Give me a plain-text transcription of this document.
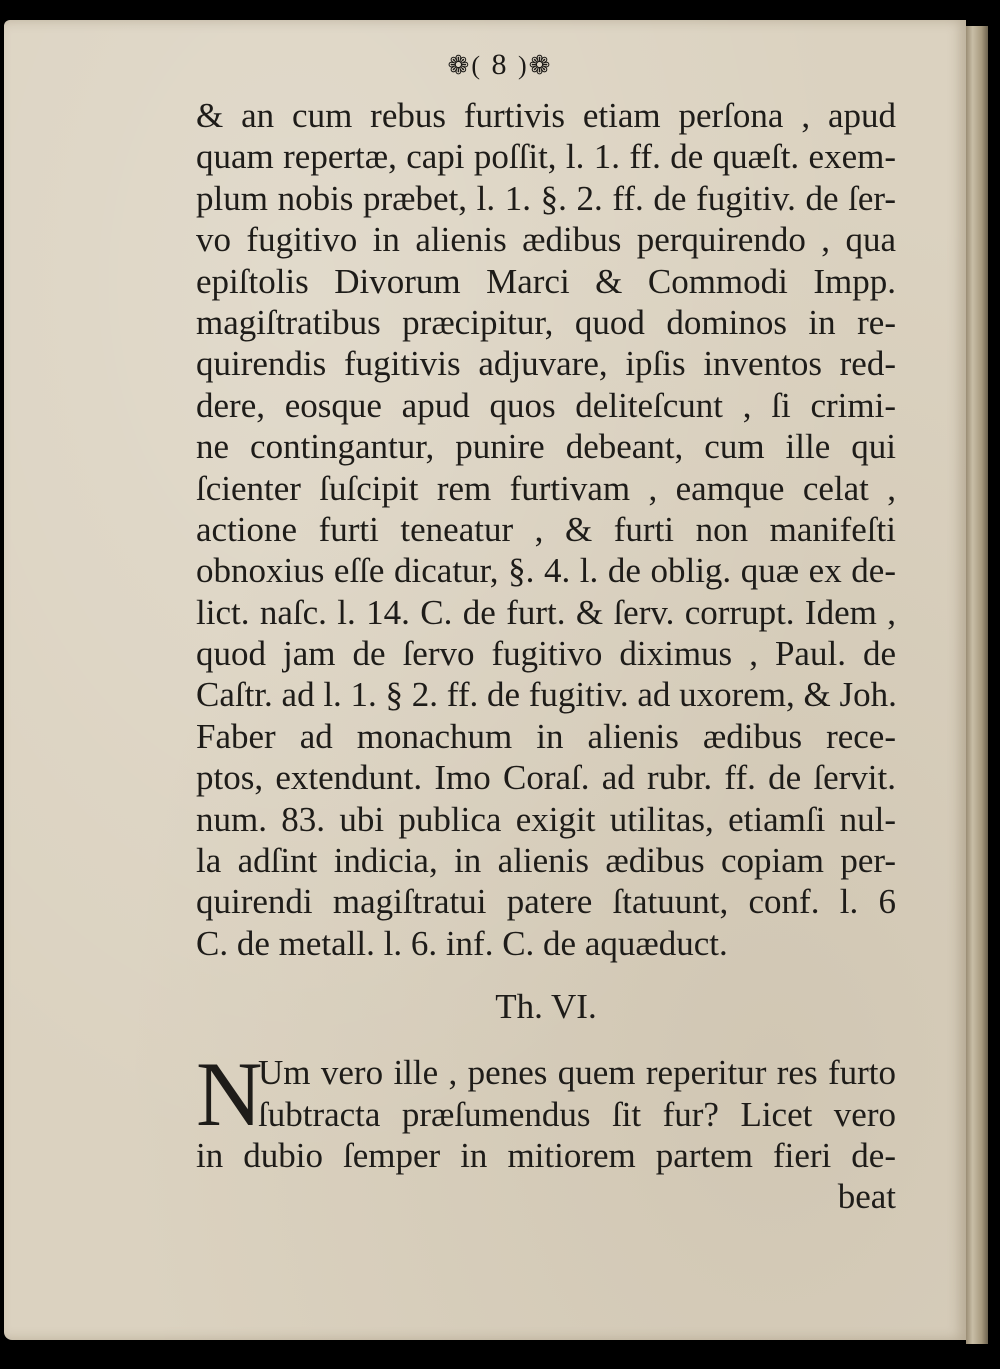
❁( 8 )❁
& an cum rebus furtivis etiam perſona , apud
quam repertæ, capi poſſit, l. 1. ff. de quæſt. exem-
plum nobis præbet, l. 1. §. 2. ff. de fugitiv. de ſer-
vo fugitivo in alienis ædibus perquirendo , qua
epiſtolis Divorum Marci & Commodi Impp.
magiſtratibus præcipitur, quod dominos in re-
quirendis fugitivis adjuvare, ipſis inventos red-
dere, eosque apud quos deliteſcunt , ſi crimi-
ne contingantur, punire debeant, cum ille qui
ſcienter ſuſcipit rem furtivam , eamque celat ,
actione furti teneatur , & furti non manifeſti
obnoxius eſſe dicatur, §. 4. l. de oblig. quæ ex de-
lict. naſc. l. 14. C. de furt. & ſerv. corrupt. Idem ,
quod jam de ſervo fugitivo diximus , Paul. de
Caſtr. ad l. 1. § 2. ff. de fugitiv. ad uxorem, & Joh.
Faber ad monachum in alienis ædibus rece-
ptos, extendunt. Imo Coraſ. ad rubr. ff. de ſervit.
num. 83. ubi publica exigit utilitas, etiamſi nul-
la adſint indicia, in alienis ædibus copiam per-
quirendi magiſtratui patere ſtatuunt, conf. l. 6
C. de metall. l. 6. inf. C. de aquæduct.
Th. VI.
N
Um vero ille , penes quem reperitur res furto
ſubtracta præſumendus ſit fur? Licet vero
in dubio ſemper in mitiorem partem fieri de-
beat
